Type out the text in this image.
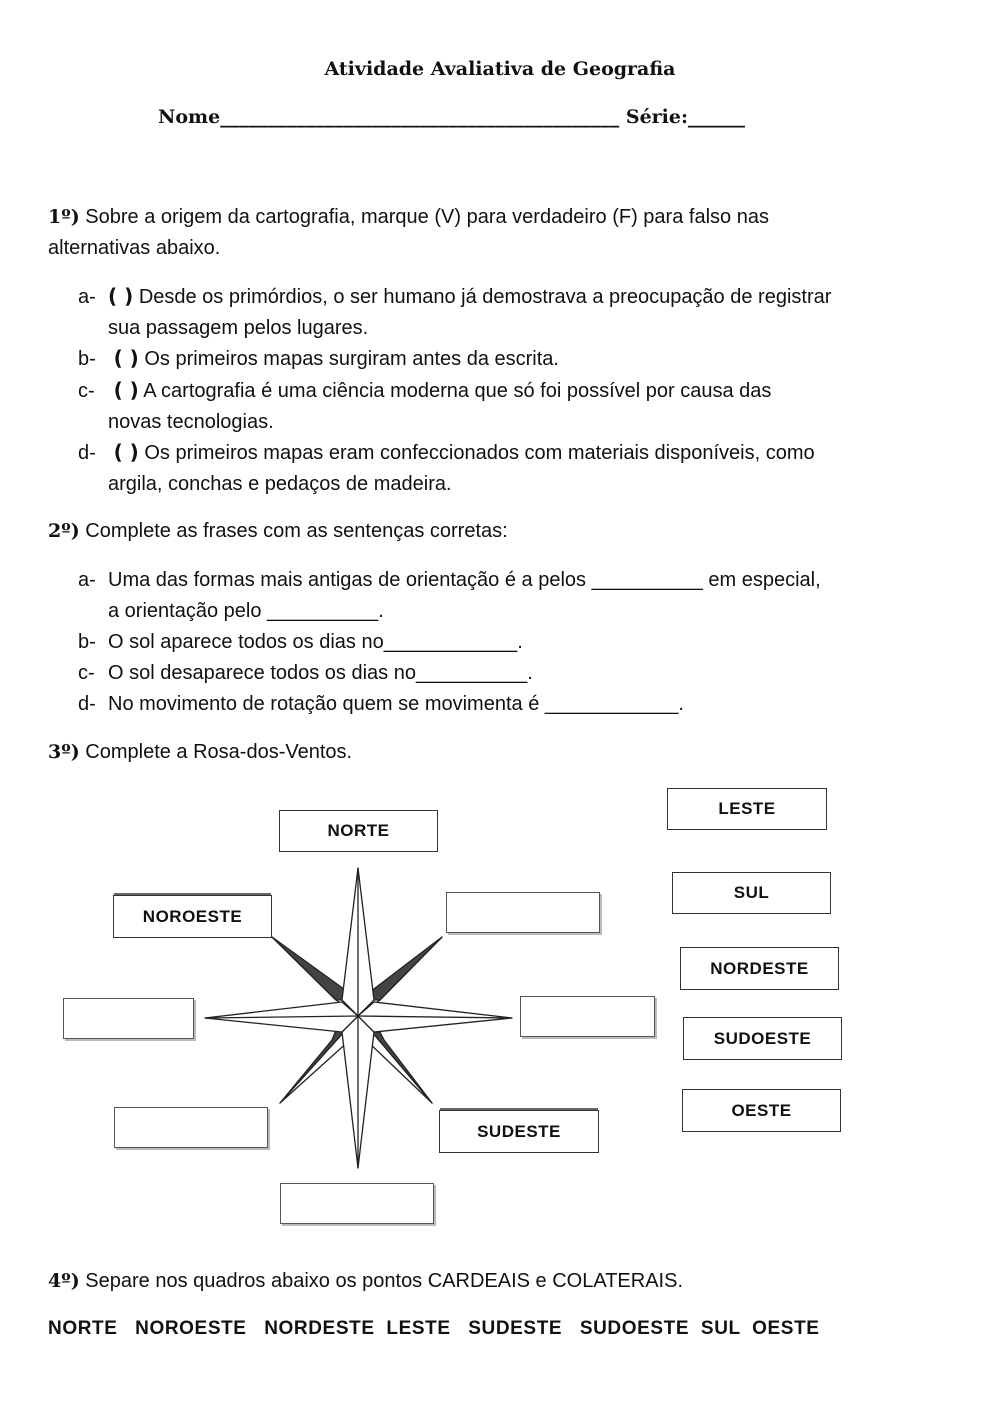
Atividade Avaliativa de Geografia
Nome__________________________________________ Série:______
1º) Sobre a origem da cartografia, marque (V) para verdadeiro (F) para falso nas
alternativas abaixo.
a- ( ) Desde os primórdios, o ser humano já demostrava a preocupação de registrar
sua passagem pelos lugares.
b- ( ) Os primeiros mapas surgiram antes da escrita.
c- ( ) A cartografia é uma ciência moderna que só foi possível por causa das
novas tecnologias.
d- ( ) Os primeiros mapas eram confeccionados com materiais disponíveis, como
argila, conchas e pedaços de madeira.
2º) Complete as frases com as sentenças corretas:
a- Uma das formas mais antigas de orientação é a pelos __________ em especial,
a orientação pelo __________.
b- O sol aparece todos os dias no____________.
c- O sol desaparece todos os dias no__________.
d- No movimento de rotação quem se movimenta é ____________.
3º) Complete a Rosa-dos-Ventos.
NORTE
NOROESTE
SUDESTE
LESTE
SUL
NORDESTE
SUDOESTE
OESTE
4º) Separe nos quadros abaixo os pontos CARDEAIS e COLATERAIS.
NORTE NOROESTE NORDESTE LESTE SUDESTE SUDOESTE SUL OESTE
